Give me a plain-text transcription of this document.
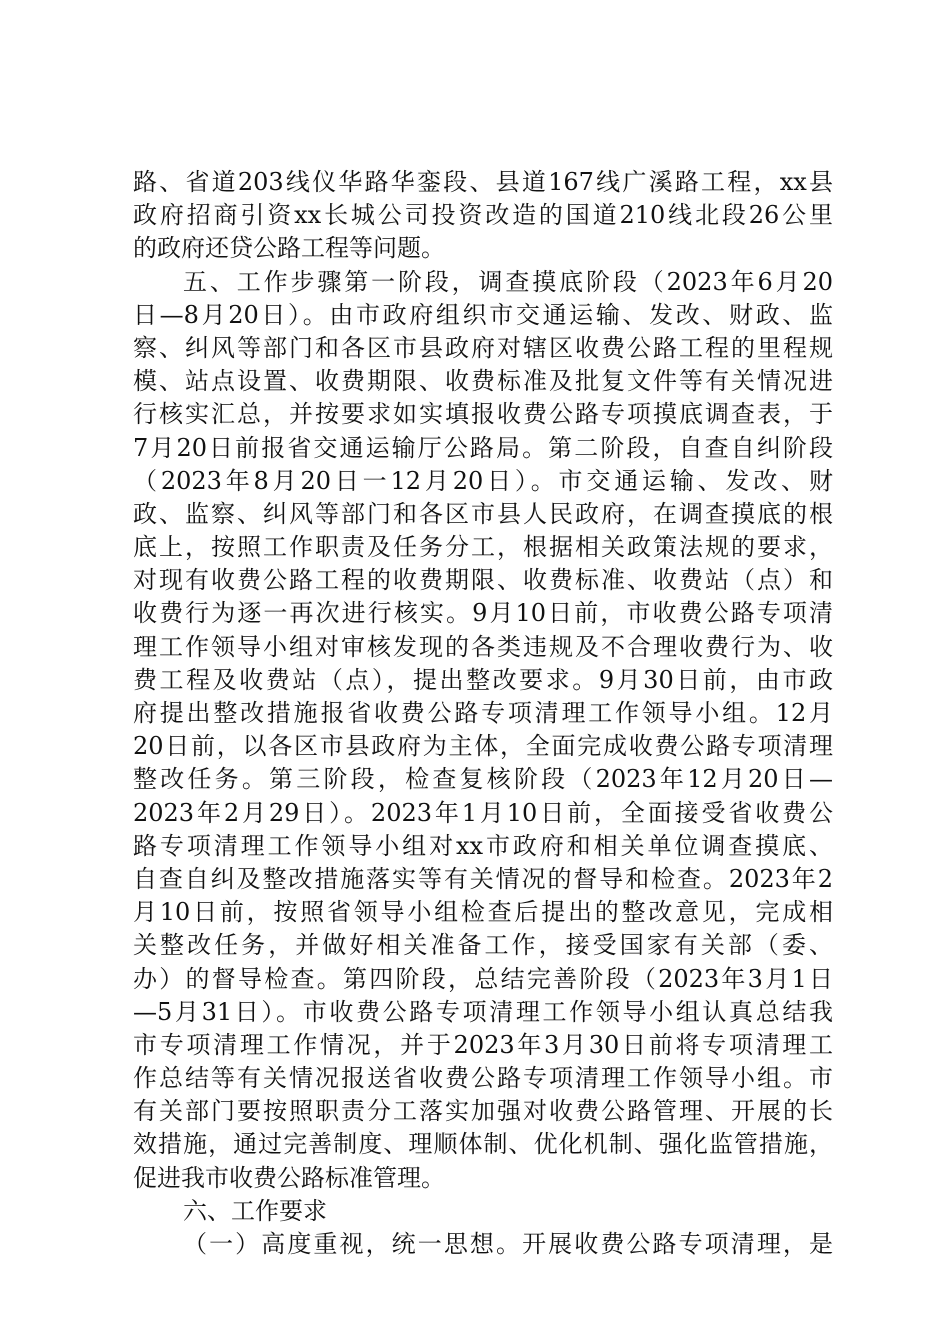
路、省道203线仪华路华銮段、县道167线广溪路工程，xx县
政府招商引资xx长城公司投资改造的国道210线北段26公里
的政府还贷公路工程等问题。
五、工作步骤第一阶段，调查摸底阶段（2023年6月20
日—8月20日）。由市政府组织市交通运输、发改、财政、监
察、纠风等部门和各区市县政府对辖区收费公路工程的里程规
模、站点设置、收费期限、收费标准及批复文件等有关情况进
行核实汇总，并按要求如实填报收费公路专项摸底调查表，于
7月20日前报省交通运输厅公路局。第二阶段，自查自纠阶段
（2023年8月20日一12月20日）。市交通运输、发改、财
政、监察、纠风等部门和各区市县人民政府，在调查摸底的根
底上，按照工作职责及任务分工，根据相关政策法规的要求，
对现有收费公路工程的收费期限、收费标准、收费站（点）和
收费行为逐一再次进行核实。9月10日前，市收费公路专项清
理工作领导小组对审核发现的各类违规及不合理收费行为、收
费工程及收费站（点），提出整改要求。9月30日前，由市政
府提出整改措施报省收费公路专项清理工作领导小组。12月
20日前，以各区市县政府为主体，全面完成收费公路专项清理
整改任务。第三阶段，检查复核阶段（2023年12月20日—
2023年2月29日）。2023年1月10日前，全面接受省收费公
路专项清理工作领导小组对xx市政府和相关单位调查摸底、
自查自纠及整改措施落实等有关情况的督导和检查。2023年2
月10日前，按照省领导小组检查后提出的整改意见，完成相
关整改任务，并做好相关准备工作，接受国家有关部（委、
办）的督导检查。第四阶段，总结完善阶段（2023年3月1日
—5月31日）。市收费公路专项清理工作领导小组认真总结我
市专项清理工作情况，并于2023年3月30日前将专项清理工
作总结等有关情况报送省收费公路专项清理工作领导小组。市
有关部门要按照职责分工落实加强对收费公路管理、开展的长
效措施，通过完善制度、理顺体制、优化机制、强化监管措施，
促进我市收费公路标准管理。
六、工作要求
（一）高度重视，统一思想。开展收费公路专项清理，是
